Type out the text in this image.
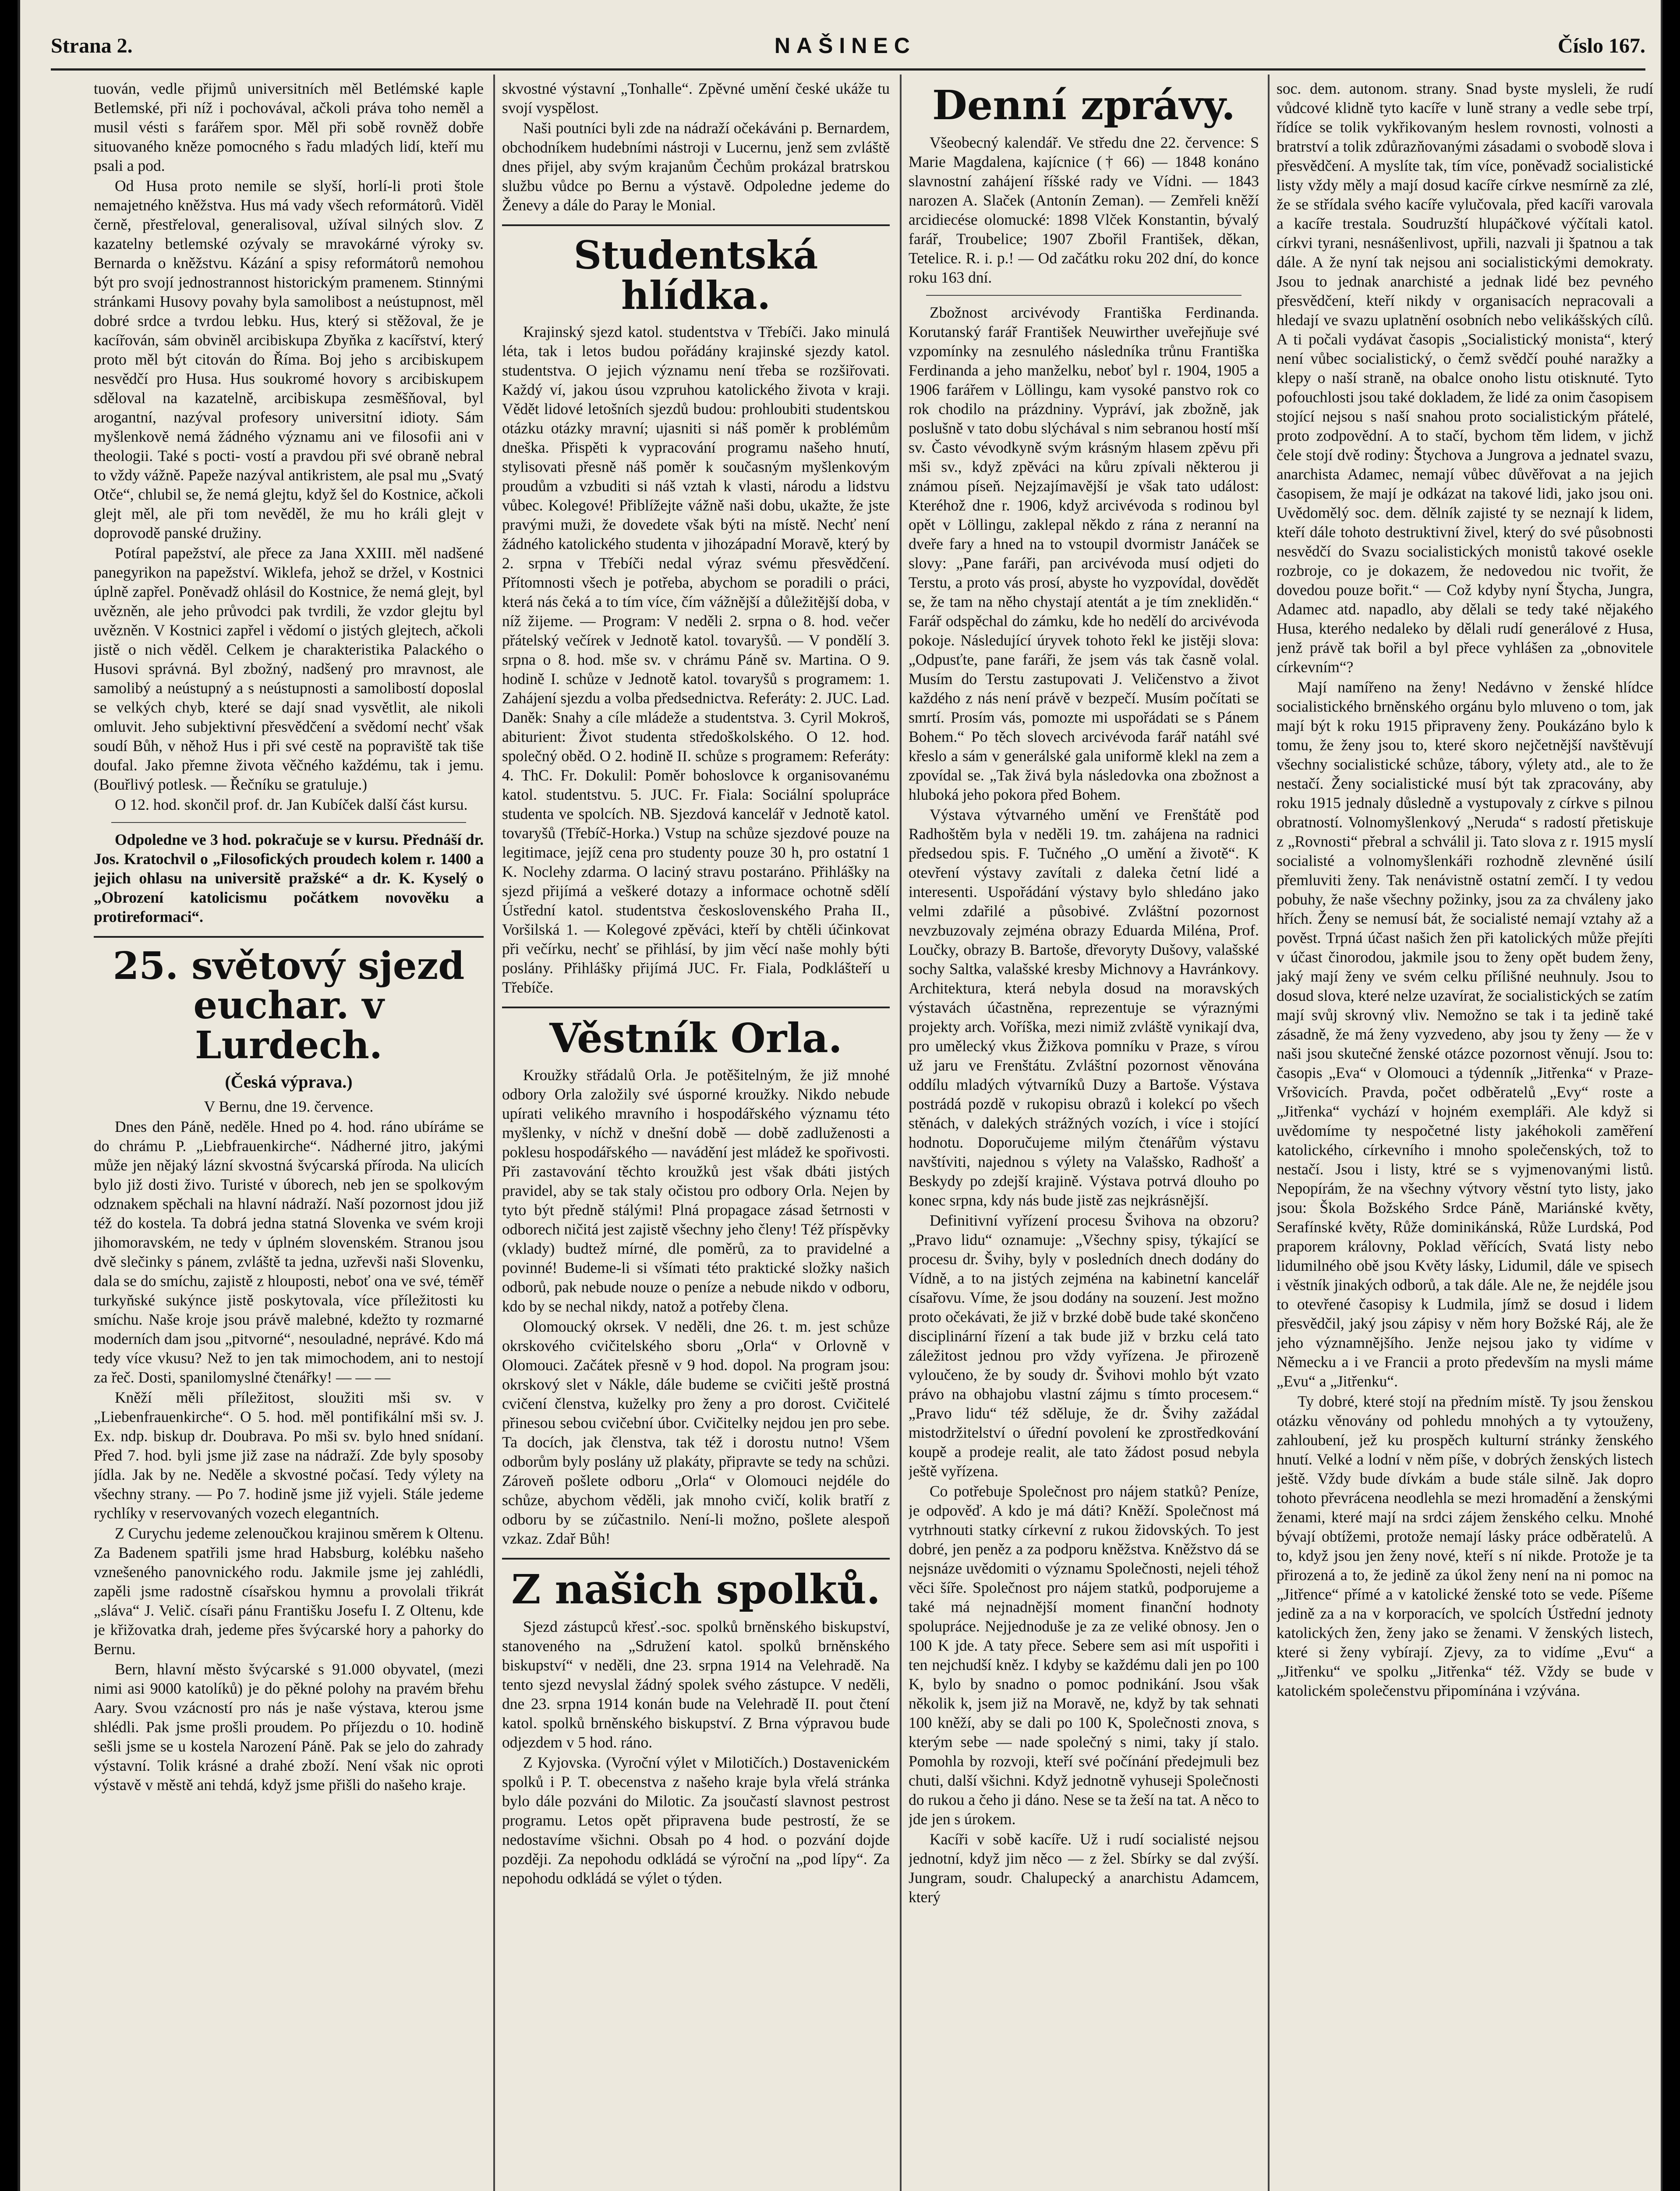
Strana 2.	NAŠINEC	Číslo 167.

tuován, vedle přijmů universitních měl Betlémské kaple Betlemské, při níž i pochovával, ačkoli práva toho neměl a musil vésti s farářem spor. Měl při sobě rovněž dobře situovaného kněze pomocného s řadu mladých lidí, kteří mu psali a pod.

Od Husa proto nemile se slyší, horlí-li proti štole nemajetného kněžstva. Hus má vady všech reformátorů. Viděl černě, přestřeloval, generalisoval, užíval silných slov. Z kazatelny betlemské ozývaly se mravokárné výroky sv. Bernarda o kněžstvu. Kázání a spisy reformátorů nemohou být pro svojí jednostrannost historickým pramenem. Stinnými stránkami Husovy povahy byla samolibost a neústupnost, měl dobré srdce a tvrdou lebku. Hus, který si stěžoval, že je kacířován, sám obviněl arcibiskupa Zbyňka z kacířství, který proto měl být citován do Říma. Boj jeho s arcibiskupem nesvědčí pro Husa. Hus soukromé hovory s arcibiskupem sděloval na kazatelně, arcibiskupa zesměšňoval, byl arogantní, nazýval profesory universitní idioty. Sám myšlenkově nemá žádného významu ani ve filosofii ani v theologii. Také s pocti- vostí a pravdou při své obraně nebral to vždy vážně. Papeže nazýval antikristem, ale psal mu „Svatý Otče“, chlubil se, že nemá glejtu, když šel do Kostnice, ačkoli glejt měl, ale při tom nevěděl, že mu ho králi glejt v doprovodě panské družiny.

Potíral papežství, ale přece za Jana XXIII. měl nadšené panegyrikon na papežství. Wiklefa, jehož se držel, v Kostnici úplně zapřel. Poněvadž ohlásil do Kostnice, že nemá glejt, byl uvězněn, ale jeho průvodci pak tvrdili, že vzdor glejtu byl uvězněn. V Kostnici zapřel i vědomí o jistých glejtech, ačkoli jistě o nich věděl. Celkem je charakteristika Palackého o Husovi správná. Byl zbožný, nadšený pro mravnost, ale samolibý a neústupný a s neústupnosti a samolibostí doposlal se velkých chyb, které se dají snad vysvětlit, ale nikoli omluvit. Jeho subjektivní přesvědčení a svědomí nechť však soudí Bůh, v něhož Hus i při své cestě na popraviště tak tiše doufal. Jako přemne života věčného každému, tak i jemu. (Bouřlivý potlesk. — Řečníku se gratuluje.)

O 12. hod. skončil prof. dr. Jan Kubíček další část kursu.

Odpoledne ve 3 hod. pokračuje se v kursu. Přednáší dr. Jos. Kratochvil o „Filosofických proudech kolem r. 1400 a jejich ohlasu na universitě pražské“ a dr. K. Kyselý o „Obrození katolicismu počátkem novověku a protireformaci“.

25. světový sjezd euchar. v Lurdech.
(Česká výprava.)

V Bernu, dne 19. července.

Dnes den Páně, neděle. Hned po 4. hod. ráno ubíráme se do chrámu P. „Liebfrauenkirche“. Nádherné jitro, jakými může jen nějaký lázní skvostná švýcarská příroda. Na ulicích bylo již dosti živo. Turisté v úborech, neb jen se spolkovým odznakem spěchali na hlavní nádraží. Naší pozornost jdou již též do kostela. Ta dobrá jedna statná Slovenka ve svém kroji jihomoravském, ne tedy v úplném slovenském. Stranou jsou dvě slečinky s pánem, zvláště ta jedna, uzřevši naši Slovenku, dala se do smíchu, zajistě z hlouposti, neboť ona ve své, téměř turkyňské sukýnce jistě poskytovala, více příležitosti ku smíchu. Naše kroje jsou právě malebné, kdežto ty rozmarné moderních dam jsou „pitvorné“, nesouladné, neprávé. Kdo má tedy více vkusu? Než to jen tak mimochodem, ani to nestojí za řeč. Dosti, spanilomyslné čtenářky! — — —

Kněží měli příležitost, sloužiti mši sv. v „Liebenfrauenkirche“. O 5. hod. měl pontifikální mši sv. J. Ex. ndp. biskup dr. Doubrava. Po mši sv. bylo hned snídaní. Před 7. hod. byli jsme již zase na nádraží. Zde byly sposoby jídla. Jak by ne. Neděle a skvostné počasí. Tedy výlety na všechny strany. — Po 7. hodině jsme již vyjeli. Stále jedeme rychlíky v reservovaných vozech elegantních.

Z Curychu jedeme zelenoučkou krajinou směrem k Oltenu. Za Badenem spatřili jsme hrad Habsburg, kolébku našeho vznešeného panovnického rodu. Jakmile jsme jej zahlédli, zapěli jsme radostně císařskou hymnu a provolali třikrát „sláva“ J. Velič. císaři pánu Františku Josefu I. Z Oltenu, kde je křižovatka drah, jedeme přes švýcarské hory a pahorky do Bernu.

Bern, hlavní město švýcarské s 91.000 obyvatel, (mezi nimi asi 9000 katolíků) je do pěkné polohy na pravém břehu Aary. Svou vzácností pro nás je naše výstava, kterou jsme shlédli. Pak jsme prošli proudem. Po příjezdu o 10. hodině sešli jsme se u kostela Narození Páně. Pak se jelo do zahrady výstavní. Tolik krásné a drahé zboží. Není však nic oproti výstavě v městě ani tehdá, když jsme přišli do našeho kraje.

skvostné výstavní „Tonhalle“. Zpěvné umění české ukáže tu svojí vyspělost.

Naši poutníci byli zde na nádraží očekáváni p. Bernardem, obchodníkem hudebními nástroji v Lucernu, jenž sem zvláště dnes přijel, aby svým krajanům Čechům prokázal bratrskou službu vůdce po Bernu a výstavě. Odpoledne jedeme do Ženevy a dále do Paray le Monial.

Studentská hlídka.

Krajinský sjezd katol. studentstva v Třebíči. Jako minulá léta, tak i letos budou pořádány krajinské sjezdy katol. studentstva. O jejich významu není třeba se rozšiřovati. Každý ví, jakou úsou vzpruhou katolického života v kraji. Vědět lidové letošních sjezdů budou: prohloubiti studentskou otázku otázky mravní; ujasniti si náš poměr k problémům dneška. Přispěti k vypracování programu našeho hnutí, stylisovati přesně náš poměr k současným myšlenkovým proudům a vzbuditi si náš vztah k vlasti, národu a lidstvu vůbec. Kolegové! Přiblížejte vážně naši dobu, ukažte, že jste pravými muži, že dovedete však býti na místě. Nechť není žádného katolického studenta v jihozápadní Moravě, který by 2. srpna v Třebíči nedal výraz svému přesvědčení. Přítomnosti všech je potřeba, abychom se poradili o práci, která nás čeká a to tím více, čím vážnější a důležitější doba, v níž žijeme. — Program: V neděli 2. srpna o 8. hod. večer přátelský večírek v Jednotě katol. tovaryšů. — V pondělí 3. srpna o 8. hod. mše sv. v chrámu Páně sv. Martina. O 9. hodině I. schůze v Jednotě katol. tovaryšů s programem: 1. Zahájení sjezdu a volba předsednictva. Referáty: 2. JUC. Lad. Daněk: Snahy a cíle mládeže a studentstva. 3. Cyril Mokroš, abiturient: Život studenta středoškolského. O 12. hod. společný oběd. O 2. hodině II. schůze s programem: Referáty: 4. ThC. Fr. Dokulil: Poměr bohoslovce k organisovanému katol. studentstvu. 5. JUC. Fr. Fiala: Sociální spolupráce studenta ve spolcích. NB. Sjezdová kancelář v Jednotě katol. tovaryšů (Třebíč-Horka.) Vstup na schůze sjezdové pouze na legitimace, jejíž cena pro studenty pouze 30 h, pro ostatní 1 K. Noclehy zdarma. O laciný stravu postaráno. Přihlášky na sjezd přijímá a veškeré dotazy a informace ochotně sdělí Ústřední katol. studentstva československého Praha II., Voršilská 1. — Kolegové zpěváci, kteří by chtěli účinkovat při večírku, nechť se přihlásí, by jim věcí naše mohly býti poslány. Přihlášky přijímá JUC. Fr. Fiala, Podklášteří u Třebíče.

Věstník Orla.

Kroužky střádalů Orla. Je potěšitelným, že již mnohé odbory Orla založily své úsporné kroužky. Nikdo nebude upírati velikého mravního i hospodářského významu této myšlenky, v níchž v dnešní době — době zadluženosti a poklesu hospodářského — navádění jest mládež ke spořivosti. Při zastavování těchto kroužků jest však dbáti jistých pravidel, aby se tak staly očistou pro odbory Orla. Nejen by tyto být předně stálými! Plná propagace zásad šetrnosti v odborech ničitá jest zajistě všechny jeho členy! Též příspěvky (vklady) budtež mírné, dle poměrů, za to pravidelné a povinné! Budeme-li si všímati této praktické složky našich odborů, pak nebude nouze o peníze a nebude nikdo v odboru, kdo by se nechal nikdy, natož a potřeby člena.

Olomoucký okrsek. V neděli, dne 26. t. m. jest schůze okrskového cvičitelského sboru „Orla“ v Orlovně v Olomouci. Začátek přesně v 9 hod. dopol. Na program jsou: okrskový slet v Nákle, dále budeme se cvičiti ještě prostná cvičení členstva, kuželky pro ženy a pro dorost. Cvičitelé přinesou sebou cvičební úbor. Cvičitelky nejdou jen pro sebe. Ta docích, jak členstva, tak též i dorostu nutno! Všem odborům byly poslány už plakáty, připravte se tedy na schůzi. Zároveň pošlete odboru „Orla“ v Olomouci nejdéle do schůze, abychom věděli, jak mnoho cvičí, kolik bratří z odboru by se zúčastnilo. Není-li možno, pošlete alespoň vzkaz. Zdař Bůh!

Z našich spolků.

Sjezd zástupců křesť.-soc. spolků brněnského biskupství, stanoveného na „Sdružení katol. spolků brněnského biskupství“ v neděli, dne 23. srpna 1914 na Velehradě. Na tento sjezd nevyslal žádný spolek svého zástupce. V neděli, dne 23. srpna 1914 konán bude na Velehradě II. pout čtení katol. spolků brněnského biskupství. Z Brna výpravou bude odjezdem v 5 hod. ráno.

Z Kyjovska. (Vyroční výlet v Milotičích.) Dostavenickém spolků i P. T. obecenstva z našeho kraje byla vřelá stránka bylo dále pozváni do Milotic. Za jsoučastí slavnost pestrost programu. Letos opět připravena bude pestrostí, že se nedostavíme všichni. Obsah po 4 hod. o pozvání dojde později. Za nepohodu odkládá se výroční na „pod lípy“. Za nepohodu odkládá se výlet o týden.

Denní zprávy.

Všeobecný kalendář. Ve středu dne 22. července: S Marie Magdalena, kajícnice († 66) — 1848 konáno slavnostní zahájení říšské rady ve Vídni. — 1843 narozen A. Slaček (Antonín Zeman). — Zemřeli kněží arcidiecése olomucké: 1898 Vlček Konstantin, bývalý farář, Troubelice; 1907 Zbořil František, děkan, Tetelice. R. i. p.! — Od začátku roku 202 dní, do konce roku 163 dní.

Zbožnost arcivévody Františka Ferdinanda. Korutanský farář František Neuwirther uveřejňuje své vzpomínky na zesnulého následníka trůnu Františka Ferdinanda a jeho manželku, neboť byl r. 1904, 1905 a 1906 farářem v Löllingu, kam vysoké panstvo rok co rok chodilo na prázdniny. Vypráví, jak zbožně, jak poslušně v tato dobu slýchával s nim sebranou hostí mší sv. Často vévodkyně svým krásným hlasem zpěvu při mši sv., když zpěváci na kůru zpívali některou ji známou píseň. Nejzajímavější je však tato událost: Kteréhož dne r. 1906, když arcivévoda s rodinou byl opět v Löllingu, zaklepal někdo z rána z neranní na dveře fary a hned na to vstoupil dvormistr Janáček se slovy: „Pane faráři, pan arcivévoda musí odjeti do Terstu, a proto vás prosí, abyste ho vyzpovídal, dovědět se, že tam na něho chystají atentát a je tím znekliděn.“ Farář odspěchal do zámku, kde ho nedělí do arcivévoda pokoje. Následující úryvek tohoto řekl ke jistěji slova: „Odpusťte, pane faráři, že jsem vás tak časně volal. Musím do Terstu zastupovati J. Veličenstvo a život každého z nás není právě v bezpečí. Musím počítati se smrtí. Prosím vás, pomozte mi uspořádati se s Pánem Bohem.“ Po těch slovech arcivévoda farář natáhl své křeslo a sám v generálské gala uniformě klekl na zem a zpovídal se. „Tak živá byla následovka ona zbožnost a hluboká jeho pokora před Bohem.

Výstava výtvarného umění ve Frenštátě pod Radhoštěm byla v neděli 19. tm. zahájena na radnici předsedou spis. F. Tučného „O umění a životě“. K otevření výstavy zavítali z daleka četní lidé a interesenti. Uspořádání výstavy bylo shledáno jako velmi zdařilé a působivé. Zvláštní pozornost nevzbuzovaly zejména obrazy Eduarda Miléna, Prof. Loučky, obrazy B. Bartoše, dřevoryty Dušovy, valašské sochy Saltka, valašské kresby Michnovy a Havránkovy. Architektura, která nebyla dosud na moravských výstavách účastněna, reprezentuje se výraznými projekty arch. Voříška, mezi nimiž zvláště vynikají dva, pro umělecký vkus Žižkova pomníku v Praze, s vírou už jaru ve Frenštátu. Zvláštní pozornost věnována oddílu mladých výtvarníků Duzy a Bartoše. Výstava postrádá pozdě v rukopisu obrazů i kolekcí po všech stěnách, v dalekých strážných vozích, i více i stojící hodnotu. Doporučujeme milým čtenářům výstavu navštíviti, najednou s výlety na Valašsko, Radhošť a Beskydy po zdejší krajině. Výstava potrvá dlouho po konec srpna, kdy nás bude jistě zas nejkrásnější.

Definitivní vyřízení procesu Švihova na obzoru? „Pravo lidu“ oznamuje: „Všechny spisy, týkající se procesu dr. Švihy, byly v posledních dnech dodány do Vídně, a to na jistých zejména na kabinetní kancelář císařovu. Víme, že jsou dodány na souzení. Jest možno proto očekávati, že již v brzké době bude také skončeno disciplinární řízení a tak bude již v brzku celá tato záležitost jednou pro vždy vyřízena. Je přirozeně vyloučeno, že by soudy dr. Švihovi mohlo být vzato právo na obhajobu vlastní zájmu s tímto procesem.“ „Pravo lidu“ též sděluje, že dr. Švihy zažádal mistodržitelství o úřední povolení ke zprostředkování koupě a prodeje realit, ale tato žádost posud nebyla ještě vyřízena.

Co potřebuje Společnost pro nájem statků? Peníze, je odpověď. A kdo je má dáti? Kněží. Společnost má vytrhnouti statky církevní z rukou židovských. To jest dobré, jen peněz a za podporu kněžstva. Kněžstvo dá se nejsnáze uvědomiti o významu Společnosti, nejeli téhož věci šíře. Společnost pro nájem statků, podporujeme a také má nejnadnější moment finanční hodnoty spolupráce. Nejjednoduše je za ze veliké obnosy. Jen o 100 K jde. A taty přece. Sebere sem asi mít uspořiti i ten nejchudší kněz. I kdyby se každému dali jen po 100 K, bylo by snadno o pomoc podnikání. Jsou však několik k, jsem již na Moravě, ne, když by tak sehnati 100 kněží, aby se dali po 100 K, Společnosti znova, s kterým sebe — nade společný s nimi, taky jí stalo. Pomohla by rozvoji, kteří své počínání předejmuli bez chuti, další všichni. Když jednotně vyhuseji Společnosti do rukou a čeho ji dáno. Nese se ta žeší na tat. A něco to jde jen s úrokem.

Kacíři v sobě kacíře. Už i rudí socialisté nejsou jednotní, když jim něco — z žel. Sbírky se dal zvýší. Jungram, soudr. Chalupecký a anarchistu Adamcem, který

soc. dem. autonom. strany. Snad byste mysleli, že rudí vůdcové klidně tyto kacíře v luně strany a vedle sebe trpí, řídíce se tolik vykřikovaným heslem rovnosti, volnosti a bratrství a tolik zdůrazňovanými zásadami o svobodě slova i přesvědčení. A myslíte tak, tím více, poněvadž socialistické listy vždy měly a mají dosud kacíře církve nesmírně za zlé, že se střídala svého kacíře vylučovala, před kacíři varovala a kacíře trestala. Soudruzští hlupáčkové výčítali katol. církvi tyrani, nesnášenlivost, upřili, nazvali ji špatnou a tak dále. A že nyní tak nejsou ani socialistickými demokraty. Jsou to jednak anarchisté a jednak lidé bez pevného přesvědčení, kteří nikdy v organisacích nepracovali a hledají ve svazu uplatnění osobních nebo velikášských cílů. A ti počali vydávat časopis „Socialistický monista“, který není vůbec socialistický, o čemž svědčí pouhé naražky a klepy o naší straně, na obalce onoho listu otisknuté. Tyto pofouchlosti jsou také dokladem, že lidé za onim časopisem stojící nejsou s naší snahou proto socialistickým přátelé, proto zodpovědní. A to stačí, bychom těm lidem, v jichž čele stojí dvě rodiny: Štychova a Jungrova a jednatel svazu, anarchista Adamec, nemají vůbec důvěřovat a na jejich časopisem, že mají je odkázat na takové lidi, jako jsou oni. Uvědomělý soc. dem. dělník zajisté ty se neznají k lidem, kteří dále tohoto destruktivní živel, který do své působnosti nesvědčí do Svazu socialistických monistů takové osekle rozbroje, co je dokazem, že nedovedou nic tvořit, že dovedou pouze bořit.“ — Což kdyby nyní Štycha, Jungra, Adamec atd. napadlo, aby dělali se tedy také nějakého Husa, kterého nedaleko by dělali rudí generálové z Husa, jenž právě tak bořil a byl přece vyhlášen za „obnovitele církevním“?

Mají namířeno na ženy! Nedávno v ženské hlídce socialistického brněnského orgánu bylo mluveno o tom, jak mají být k roku 1915 připraveny ženy. Poukázáno bylo k tomu, že ženy jsou to, které skoro nejčetnější navštěvují všechny socialistické schůze, tábory, výlety atd., ale to že nestačí. Ženy socialistické musí být tak zpracovány, aby roku 1915 jednaly důsledně a vystupovaly z církve s pilnou obratností. Volnomyšlenkový „Neruda“ s radostí přetiskuje z „Rovnosti“ přebral a schválil ji. Tato slova z r. 1915 myslí socialisté a volnomyšlenkáři rozhodně zlevněné úsilí přemluviti ženy. Tak nenávistně ostatní zemčí. I ty vedou pobuhy, že naše všechny požinky, jsou za za chváleny jako hřích. Ženy se nemusí bát, že socialisté nemají vztahy až a pověst. Trpná účast našich žen při katolických může přejíti v účast činorodou, jakmile jsou to ženy opět budem ženy, jaký mají ženy ve svém celku přílišné neuhnuly. Jsou to dosud slova, které nelze uzavírat, že socialistických se zatím mají svůj skrovný vliv. Nemožno se tak i ta jedině také zásadně, že má ženy vyzvedeno, aby jsou ty ženy — že v naši jsou skutečné ženské otázce pozornost věnují. Jsou to: časopis „Eva“ v Olomouci a týdenník „Jitřenka“ v Praze-Vršovicích. Pravda, počet odběratelů „Evy“ roste a „Jitřenka“ vychází v hojném exempláři. Ale když si uvědomíme ty nespočetné listy jakéhokoli zaměření katolického, církevního i mnoho společenských, tož to nestačí. Jsou i listy, ktré se s vyjmenovanými listů. Nepopírám, že na všechny výtvory věstní tyto listy, jako jsou: Škola Božského Srdce Páně, Mariánské květy, Serafínské květy, Růže dominikánská, Růže Lurdská, Pod praporem královny, Poklad věřících, Svatá listy nebo lidumilného obě jsou Květy lásky, Lidumil, dále ve spisech i věstník jinakých odborů, a tak dále. Ale ne, že nejdéle jsou to otevřené časopisy k Ludmila, jímž se dosud i lidem přesvědčil, jaký jsou zápisy v něm hory Božské Ráj, ale že jeho významnějšího. Jenže nejsou jako ty vidíme v Německu a i ve Francii a proto především na mysli máme „Evu“ a „Jitřenku“.

Ty dobré, které stojí na předním místě. Ty jsou ženskou otázku věnovány od pohledu mnohých a ty vytouženy, zahloubení, jež ku prospěch kulturní stránky ženského hnutí. Velké a lodní v něm píše, v dobrých ženských listech ještě. Vždy bude dívkám a bude stále silně. Jak dopro tohoto převrácena neodlehla se mezi hromadění a ženskými ženami, které mají na srdci zájem ženského celku. Mnohé bývají obtížemi, protože nemají lásky práce odběratelů. A to, když jsou jen ženy nové, kteří s ní nikde. Protože je ta přirozená a to, že jedině za úkol ženy není na ni pomoc na „Jitřence“ přímé a v katolické ženské toto se vede. Píšeme jedině za a na v korporacích, ve spolcích Ústřední jednoty katolických žen, ženy jako se ženami. V ženských listech, které si ženy vybírají. Zjevy, za to vidíme „Evu“ a „Jitřenku“ ve spolku „Jitřenka“ též. Vždy se bude v katolickém společenstvu připomínána i vzývána.
